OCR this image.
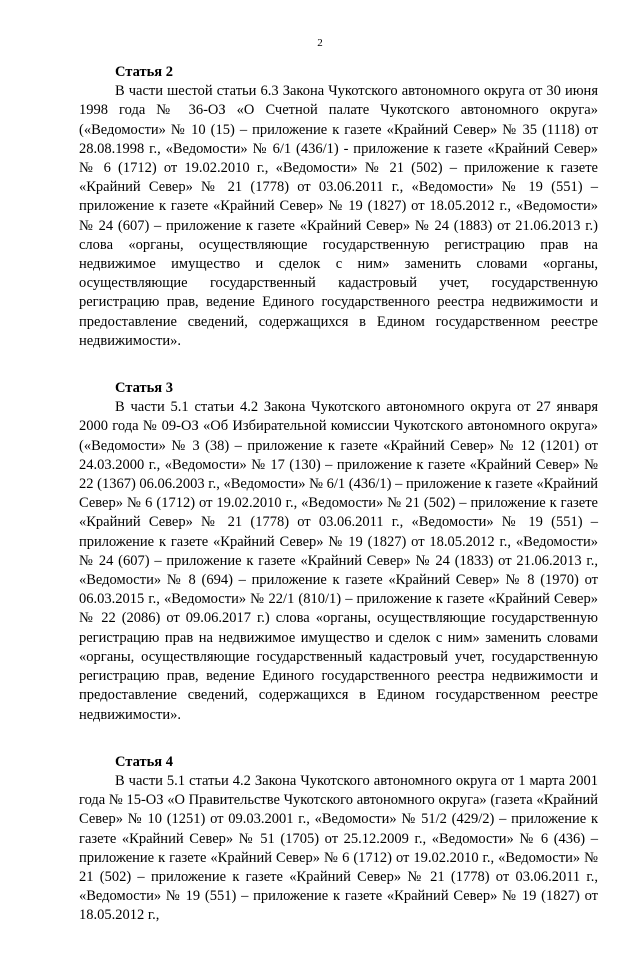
2

Статья 2

В части шестой статьи 6.3 Закона Чукотского автономного округа от 30 июня 1998 года № 36-ОЗ «О Счетной палате Чукотского автономного округа» («Ведомости» № 10 (15) – приложение к газете «Крайний Север» № 35 (1118) от 28.08.1998 г., «Ведомости» № 6/1 (436/1) - приложение к газете «Крайний Север» № 6 (1712) от 19.02.2010 г., «Ведомости» № 21 (502) – приложение к газете «Крайний Север» № 21 (1778) от 03.06.2011 г., «Ведомости» № 19 (551) – приложение к газете «Крайний Север» № 19 (1827) от 18.05.2012 г., «Ведомости» № 24 (607) – приложение к газете «Крайний Север» № 24 (1883) от 21.06.2013 г.) слова «органы, осуществляющие государственную регистрацию прав на недвижимое имущество и сделок с ним» заменить словами «органы, осуществляющие государственный кадастровый учет, государственную регистрацию прав, ведение Единого государственного реестра недвижимости и предоставление сведений, содержащихся в Едином государственном реестре недвижимости».

Статья 3

В части 5.1 статьи 4.2 Закона Чукотского автономного округа от 27 января 2000 года № 09-ОЗ «Об Избирательной комиссии Чукотского автономного округа» («Ведомости» № 3 (38) – приложение к газете «Крайний Север» № 12 (1201) от 24.03.2000 г., «Ведомости» № 17 (130) – приложение к газете «Крайний Север» № 22 (1367) 06.06.2003 г., «Ведомости» № 6/1 (436/1) – приложение к газете «Крайний Север» № 6 (1712) от 19.02.2010 г., «Ведомости» № 21 (502) – приложение к газете «Крайний Север» № 21 (1778) от 03.06.2011 г., «Ведомости» № 19 (551) – приложение к газете «Крайний Север» № 19 (1827) от 18.05.2012 г., «Ведомости» № 24 (607) – приложение к газете «Крайний Север» № 24 (1833) от 21.06.2013 г., «Ведомости» № 8 (694) – приложение к газете «Крайний Север» № 8 (1970) от 06.03.2015 г., «Ведомости» № 22/1 (810/1) – приложение к газете «Крайний Север» № 22 (2086) от 09.06.2017 г.) слова «органы, осуществляющие государственную регистрацию прав на недвижимое имущество и сделок с ним» заменить словами «органы, осуществляющие государственный кадастровый учет, государственную регистрацию прав, ведение Единого государственного реестра недвижимости и предоставление сведений, содержащихся в Едином государственном реестре недвижимости».

Статья 4

В части 5.1 статьи 4.2 Закона Чукотского автономного округа от 1 марта 2001 года № 15-ОЗ «О Правительстве Чукотского автономного округа» (газета «Крайний Север» № 10 (1251) от 09.03.2001 г., «Ведомости» № 51/2 (429/2) – приложение к газете «Крайний Север» № 51 (1705) от 25.12.2009 г., «Ведомости» № 6 (436) – приложение к газете «Крайний Север» № 6 (1712) от 19.02.2010 г., «Ведомости» № 21 (502) – приложение к газете «Крайний Север» № 21 (1778) от 03.06.2011 г., «Ведомости» № 19 (551) – приложение к газете «Крайний Север» № 19 (1827) от 18.05.2012 г.,
